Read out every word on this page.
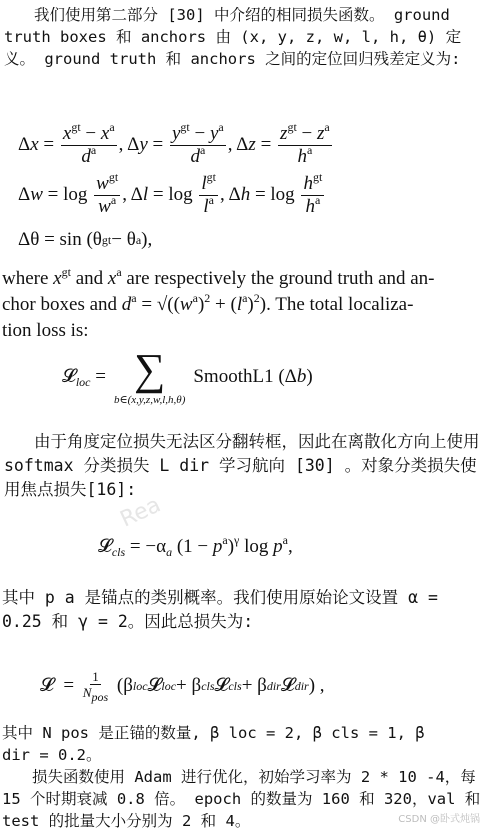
我们使用第二部分 [30] 中介绍的相同损失函数。 ground truth boxes 和 anchors 由 (x, y, z, w, l, h, θ) 定义。 ground truth 和 anchors 之间的定位回归残差定义为:
Δ $x = \frac{x^{gt} - x^a}{d^a}$ , Δ $y = \frac{y^{gt} - y^a}{d^a}$ , Δ $z = \frac{z^{gt} - z^a}{h^a}$
Δ $w = \log \frac{w^{gt}}{w^a}$ , Δ $l = \log \frac{l^{gt}}{l^a}$ , Δ $h = \log \frac{h^{gt}}{h^a}$
Δθ = sin (θ gt − θ a ),
where $x^{gt}$ and $x^a$ are respectively the ground truth and an-
chor boxes and $d^a = √((w^a)^2 + (l^a)^2)$. The total localiza-
tion loss is:
𝓛$_{loc}$ = ∑
b∈(x,y,z,w,l,h,θ)
SmoothL1 (Δb)
由于角度定位损失无法区分翻转框，因此在离散化方向上使用 softmax 分类损失 L dir 学习航向 [30] 。对象分类损失使用焦点损失[16]:
Rea
𝓛$_{cls}$ = $-\alpha_a$ $(1 - p^a)^\gamma$ $\log p^a$,
其中 p a 是锚点的类别概率。我们使用原始论文设置 α = 0.25 和 γ = 2。因此总损失为:
𝓛  = $\frac{1}{N_{pos}} (\beta$ loc 𝓛 loc + β cls 𝓛 cls + β dir 𝓛 dir ) ,
其中 N pos 是正锚的数量, β loc = 2, β cls = 1, β
dir = 0.2。
损失函数使用 Adam 进行优化，初始学习率为 2 * 10 -4，每 15 个时期衰减 0.8 倍。 epoch 的数量为 160 和 320，val 和 test 的批量大小分别为 2 和 4。	CSDN @卧式炖锅
